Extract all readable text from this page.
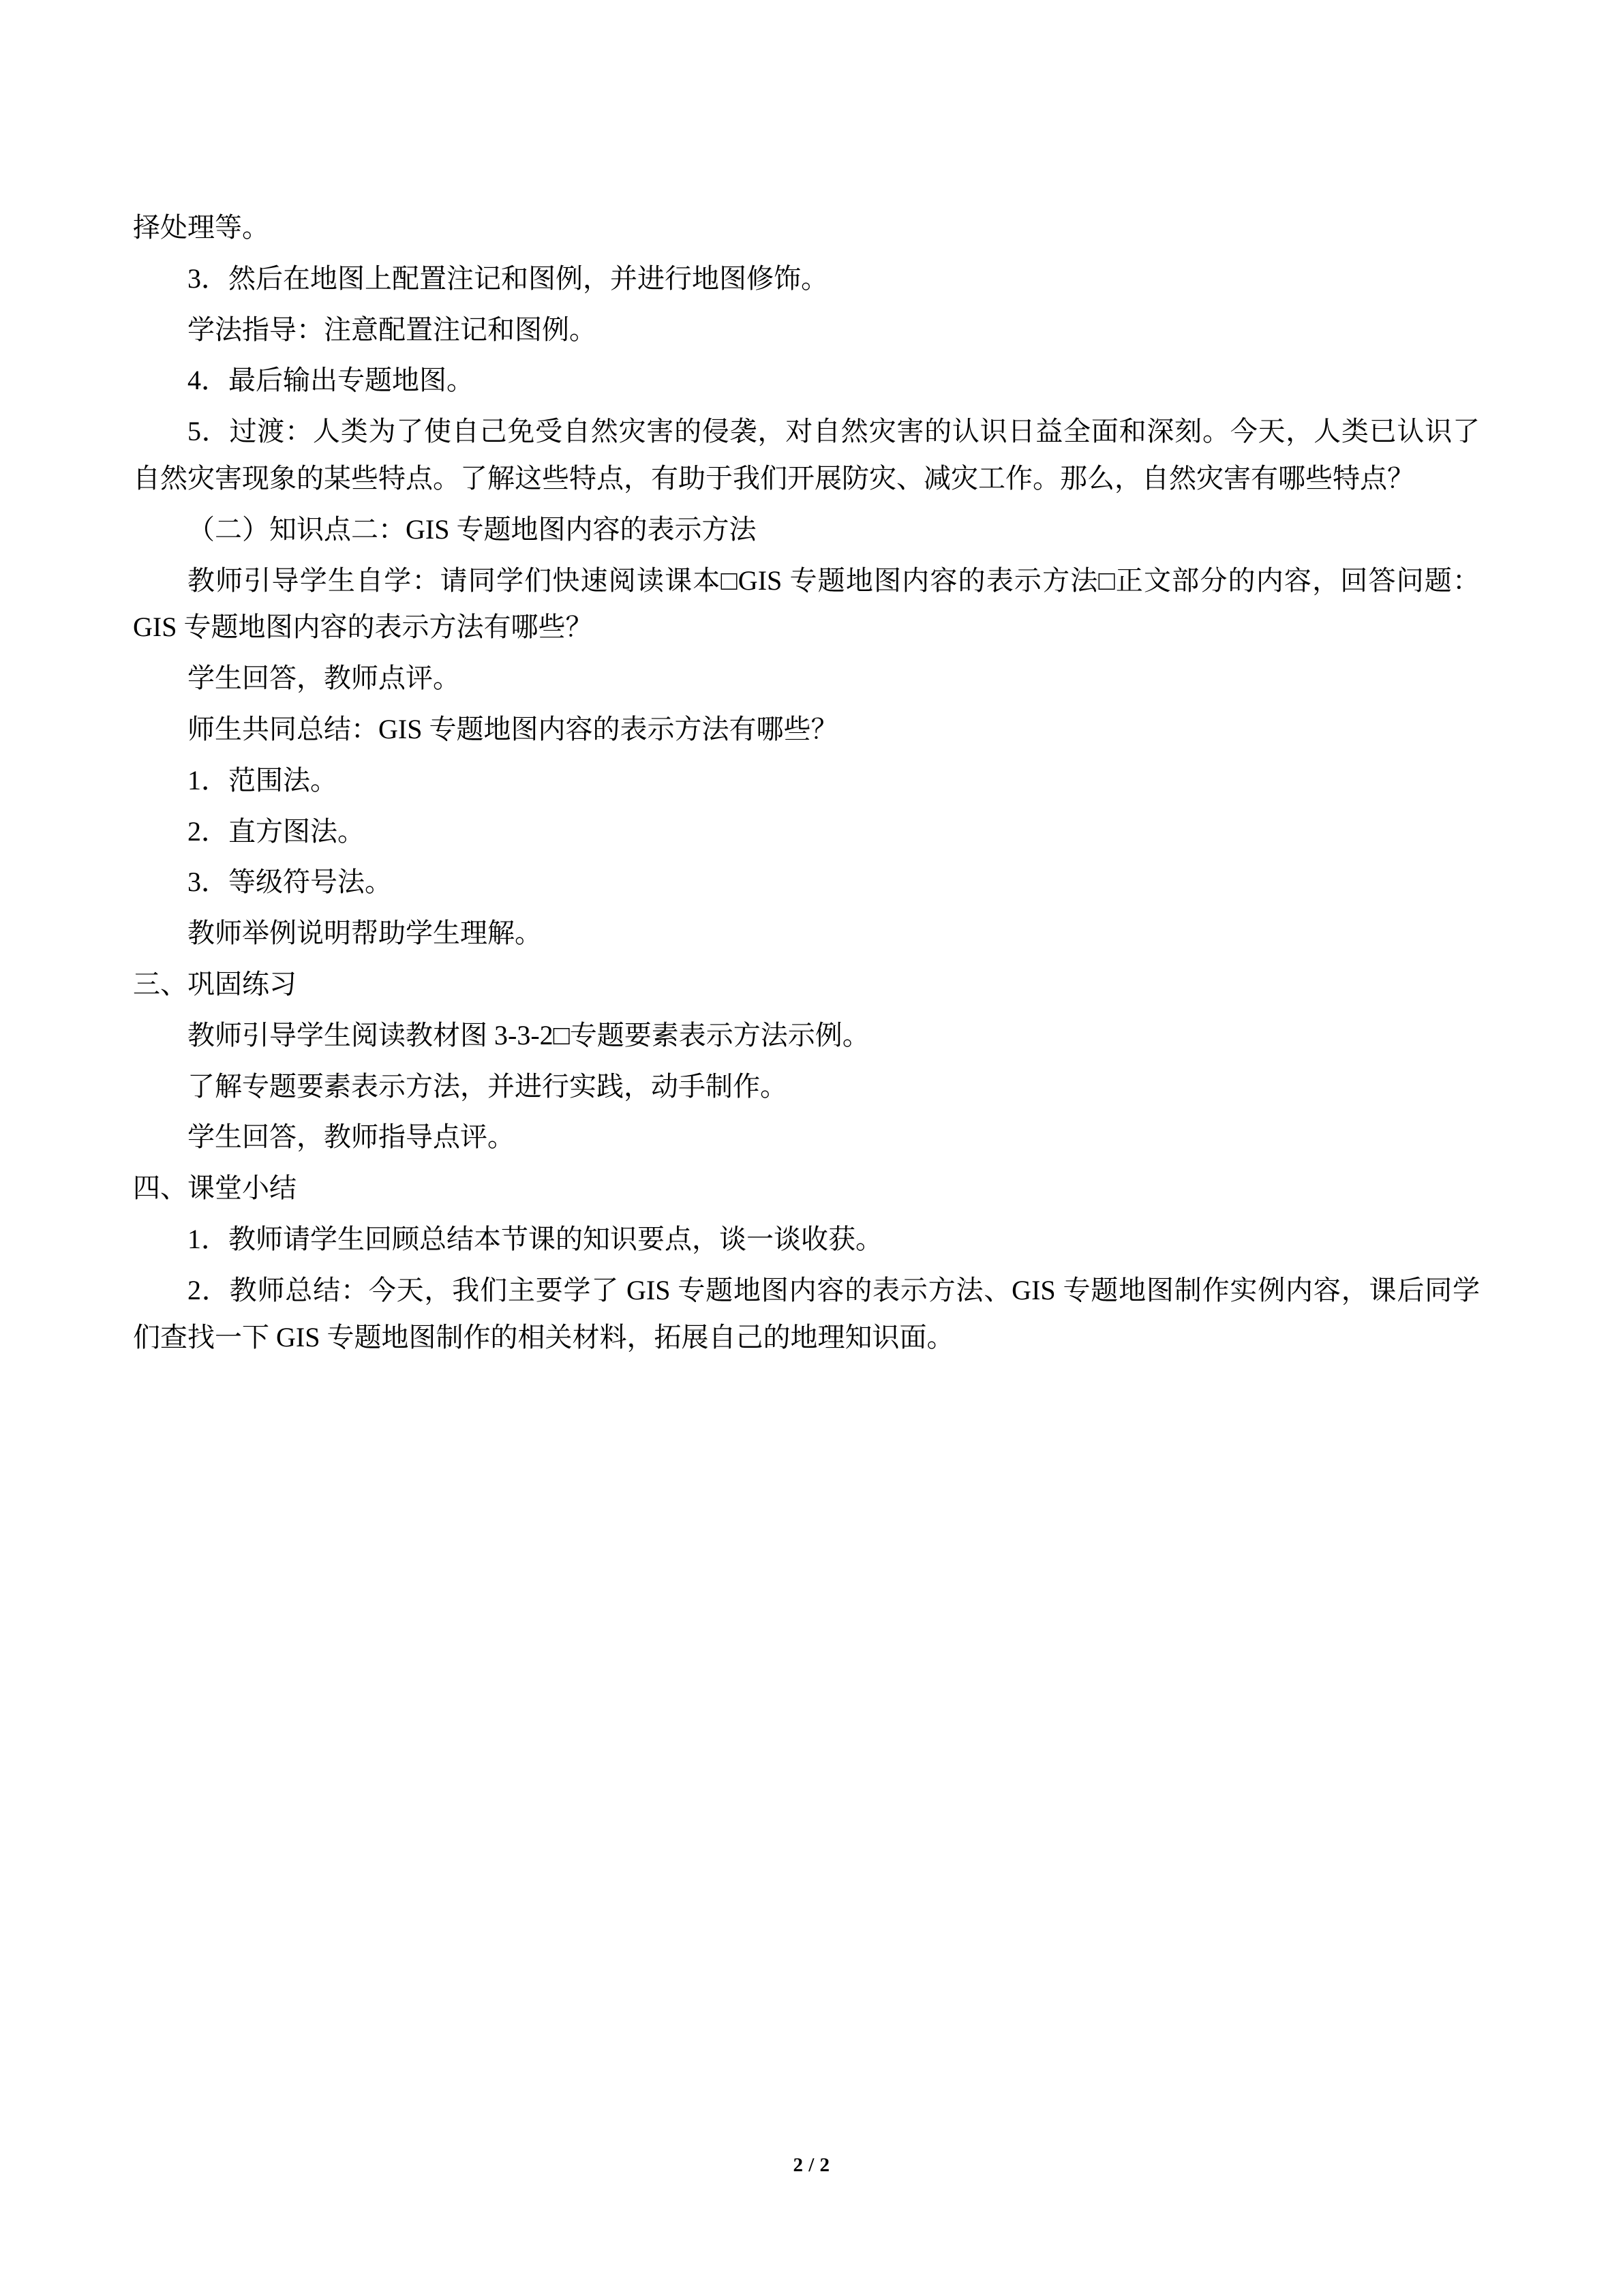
择处理等。

3．然后在地图上配置注记和图例，并进行地图修饰。

学法指导：注意配置注记和图例。

4．最后输出专题地图。

5．过渡：人类为了使自己免受自然灾害的侵袭，对自然灾害的认识日益全面和深刻。今天，人类已认识了自然灾害现象的某些特点。了解这些特点，有助于我们开展防灾、减灾工作。那么，自然灾害有哪些特点？

（二）知识点二：GIS 专题地图内容的表示方法

教师引导学生自学：请同学们快速阅读课本□GIS 专题地图内容的表示方法□正文部分的内容，回答问题：GIS 专题地图内容的表示方法有哪些？

学生回答，教师点评。

师生共同总结：GIS 专题地图内容的表示方法有哪些？

1．范围法。

2．直方图法。

3．等级符号法。

教师举例说明帮助学生理解。

三、巩固练习

教师引导学生阅读教材图 3-3-2□专题要素表示方法示例。

了解专题要素表示方法，并进行实践，动手制作。

学生回答，教师指导点评。

四、课堂小结

1．教师请学生回顾总结本节课的知识要点，谈一谈收获。

2．教师总结：今天，我们主要学了 GIS 专题地图内容的表示方法、GIS 专题地图制作实例内容，课后同学们查找一下 GIS 专题地图制作的相关材料，拓展自己的地理知识面。

2 / 2
